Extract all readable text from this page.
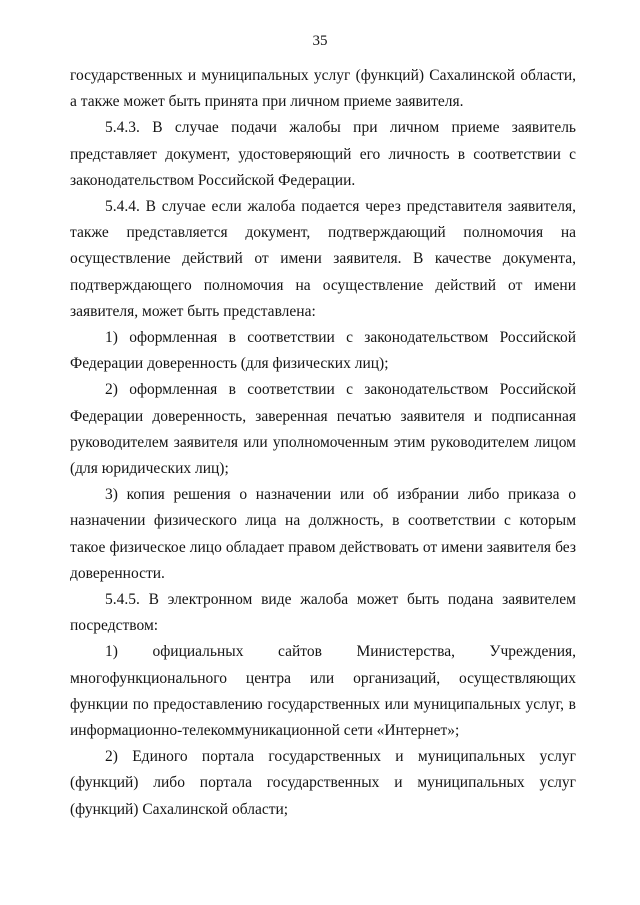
35

государственных и муниципальных услуг (функций) Сахалинской области, а также может быть принята при личном приеме заявителя.

5.4.3. В случае подачи жалобы при личном приеме заявитель представляет документ, удостоверяющий его личность в соответствии с законодательством Российской Федерации.

5.4.4. В случае если жалоба подается через представителя заявителя, также представляется документ, подтверждающий полномочия на осуществление действий от имени заявителя. В качестве документа, подтверждающего полномочия на осуществление действий от имени заявителя, может быть представлена:

1) оформленная в соответствии с законодательством Российской Федерации доверенность (для физических лиц);

2) оформленная в соответствии с законодательством Российской Федерации доверенность, заверенная печатью заявителя и подписанная руководителем заявителя или уполномоченным этим руководителем лицом (для юридических лиц);

3) копия решения о назначении или об избрании либо приказа о назначении физического лица на должность, в соответствии с которым такое физическое лицо обладает правом действовать от имени заявителя без доверенности.

5.4.5. В электронном виде жалоба может быть подана заявителем посредством:

1) официальных сайтов Министерства, Учреждения, многофункционального центра или организаций, осуществляющих функции по предоставлению государственных или муниципальных услуг, в информационно-телекоммуникационной сети «Интернет»;

2) Единого портала государственных и муниципальных услуг (функций) либо портала государственных и муниципальных услуг (функций) Сахалинской области;
